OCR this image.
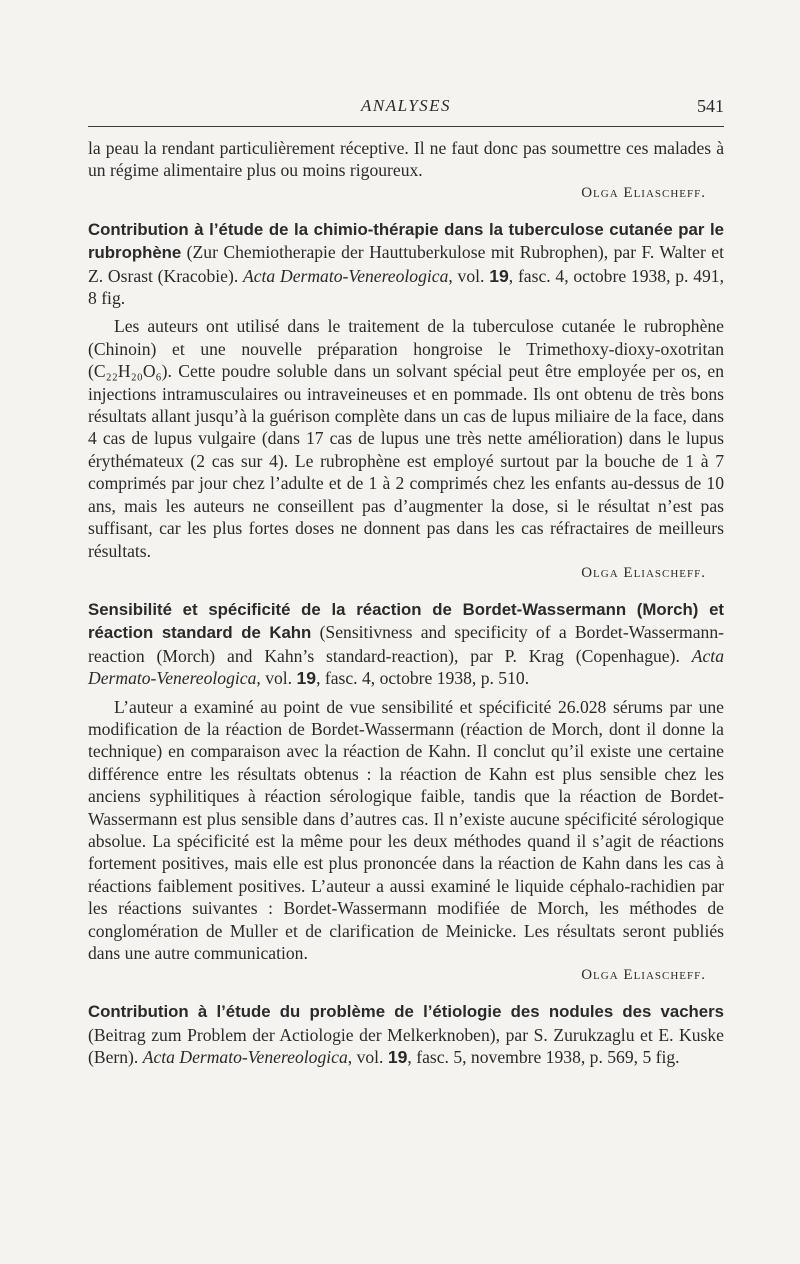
ANALYSES	541

la peau la rendant particulièrement réceptive. Il ne faut donc pas soumettre ces malades à un régime alimentaire plus ou moins rigoureux.

Olga Eliascheff.

Contribution à l’étude de la chimio-thérapie dans la tuberculose cutanée par le rubrophène (Zur Chemiotherapie der Hauttuberkulose mit Rubrophen), par F. Walter et Z. Osrast (Kracobie). Acta Dermato-Venereologica, vol. 19, fasc. 4, octobre 1938, p. 491, 8 fig.

Les auteurs ont utilisé dans le traitement de la tuberculose cutanée le rubrophène (Chinoin) et une nouvelle préparation hongroise le Trimethoxy-dioxy-oxotritan (C₂₂H₂₀O₆). Cette poudre soluble dans un solvant spécial peut être employée per os, en injections intramusculaires ou intraveineuses et en pommade. Ils ont obtenu de très bons résultats allant jusqu’à la guérison complète dans un cas de lupus miliaire de la face, dans 4 cas de lupus vulgaire (dans 17 cas de lupus une très nette amélioration) dans le lupus érythémateux (2 cas sur 4). Le rubrophène est employé surtout par la bouche de 1 à 7 comprimés par jour chez l’adulte et de 1 à 2 comprimés chez les enfants au-dessus de 10 ans, mais les auteurs ne conseillent pas d’augmenter la dose, si le résultat n’est pas suffisant, car les plus fortes doses ne donnent pas dans les cas réfractaires de meilleurs résultats.

Olga Eliascheff.

Sensibilité et spécificité de la réaction de Bordet-Wassermann (Morch) et réaction standard de Kahn (Sensitivness and specificity of a Bordet-Wassermann-reaction (Morch) and Kahn’s standard-reaction), par P. Krag (Copenhague). Acta Dermato-Venereologica, vol. 19, fasc. 4, octobre 1938, p. 510.

L’auteur a examiné au point de vue sensibilité et spécificité 26.028 sérums par une modification de la réaction de Bordet-Wassermann (réaction de Morch, dont il donne la technique) en comparaison avec la réaction de Kahn. Il conclut qu’il existe une certaine différence entre les résultats obtenus : la réaction de Kahn est plus sensible chez les anciens syphilitiques à réaction sérologique faible, tandis que la réaction de Bordet-Wassermann est plus sensible dans d’autres cas. Il n’existe aucune spécificité sérologique absolue. La spécificité est la même pour les deux méthodes quand il s’agit de réactions fortement positives, mais elle est plus prononcée dans la réaction de Kahn dans les cas à réactions faiblement positives. L’auteur a aussi examiné le liquide céphalo-rachidien par les réactions suivantes : Bordet-Wassermann modifiée de Morch, les méthodes de conglomération de Muller et de clarification de Meinicke. Les résultats seront publiés dans une autre communication.

Olga Eliascheff.

Contribution à l’étude du problème de l’étiologie des nodules des vachers (Beitrag zum Problem der Actiologie der Melkerknoben), par S. Zurukzaglu et E. Kuske (Bern). Acta Dermato-Venereologica, vol. 19, fasc. 5, novembre 1938, p. 569, 5 fig.
